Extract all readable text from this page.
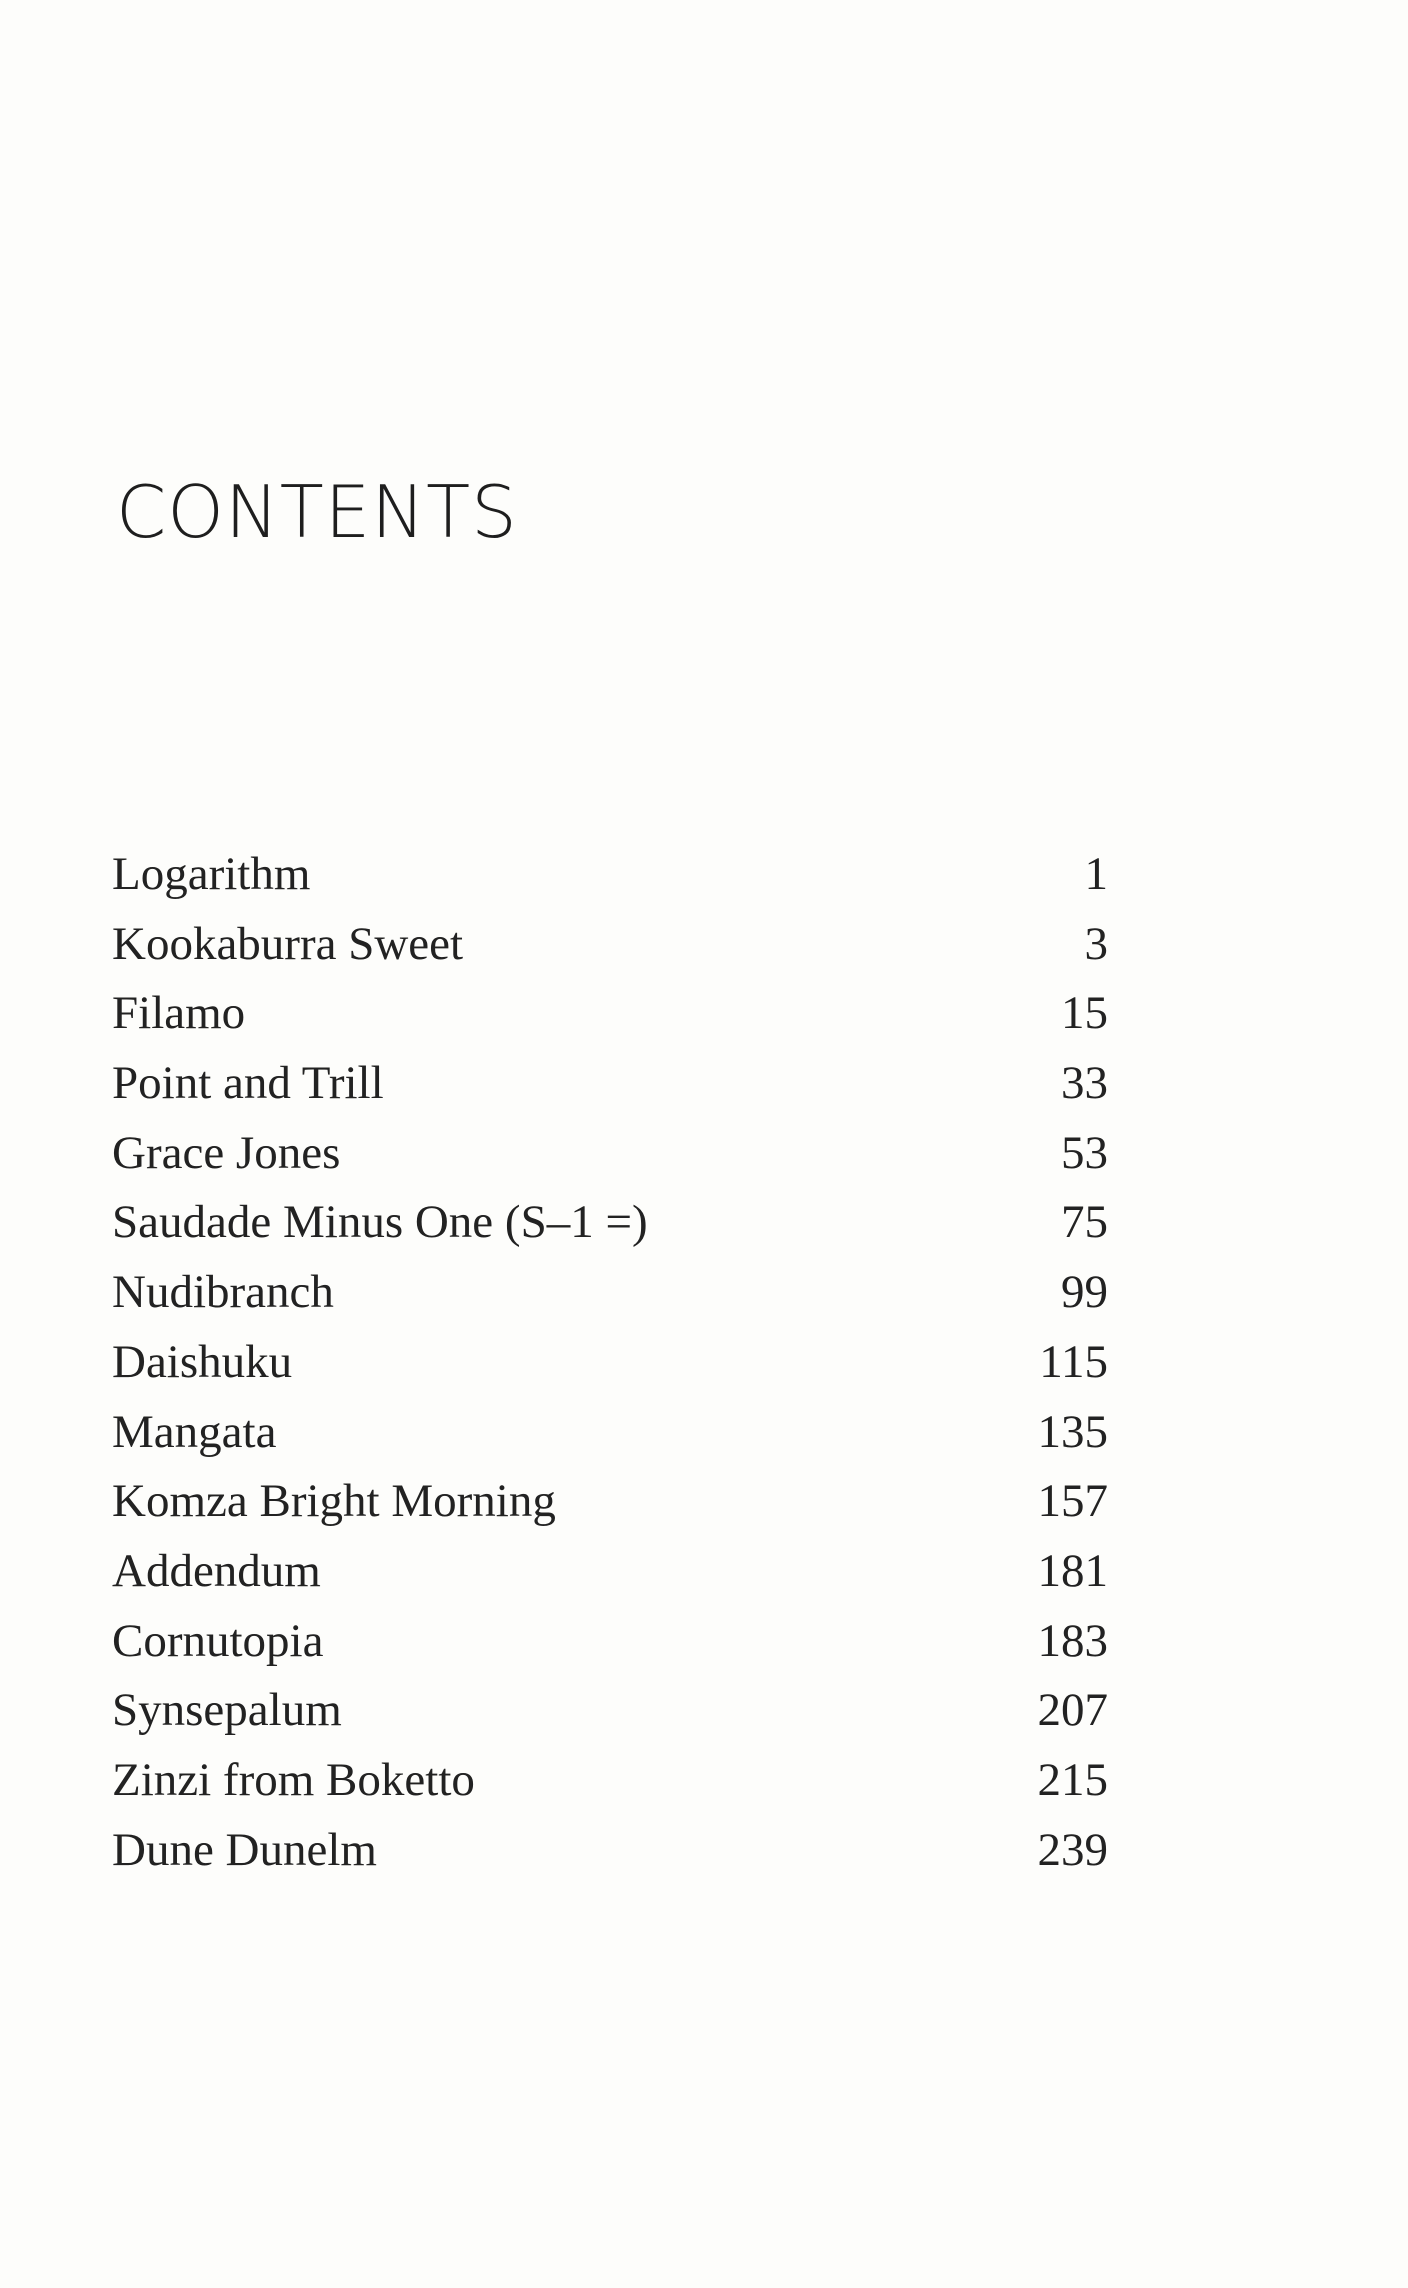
CONTENTS
Logarithm	1
Kookaburra Sweet	3
Filamo	15
Point and Trill	33
Grace Jones	53
Saudade Minus One (S–1 =)	75
Nudibranch	99
Daishuku	115
Mangata	135
Komza Bright Morning	157
Addendum	181
Cornutopia	183
Synsepalum	207
Zinzi from Boketto	215
Dune Dunelm	239
